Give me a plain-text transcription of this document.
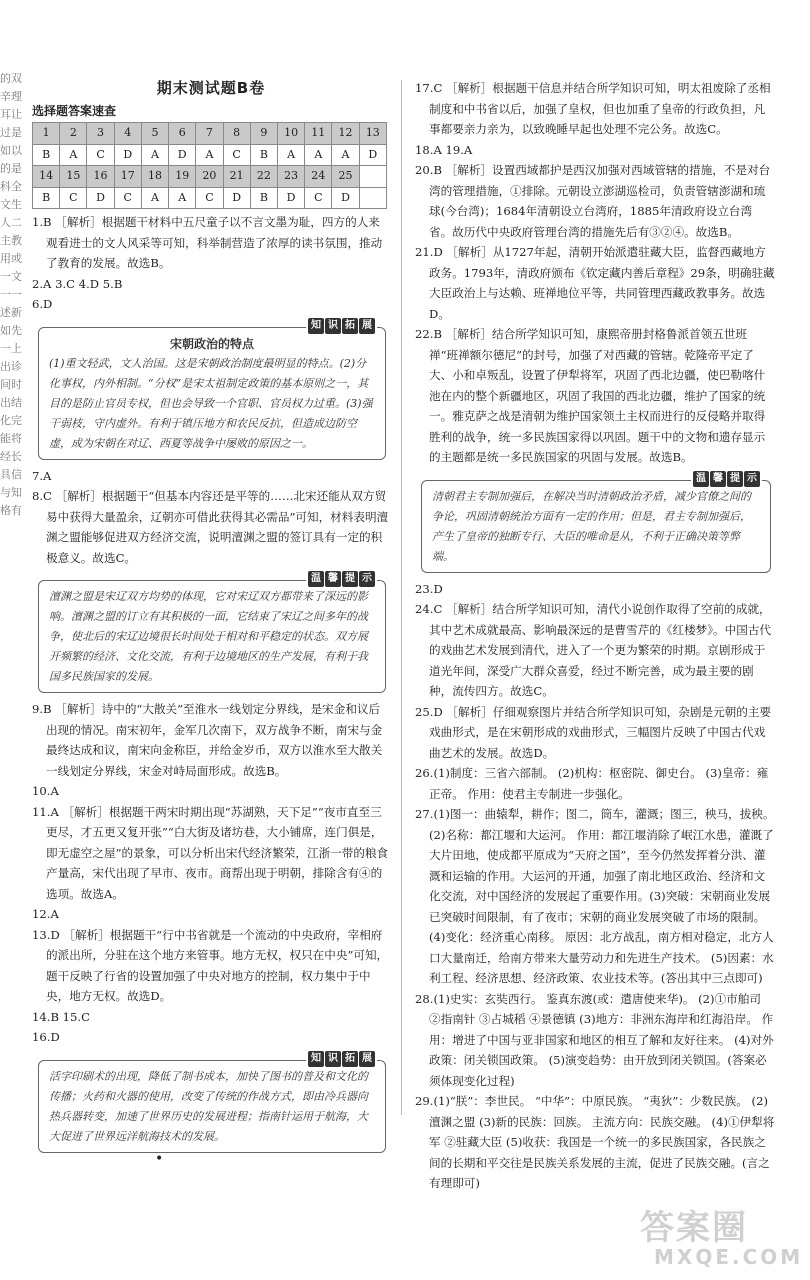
的双辛理耳让过是如以的是科全文生人二主教用或一文一一述新如先一上出诊间时出结化完能将经长具信与知格有
期末测试题B卷
选择题答案速查
1	2	3	4	5	6	7	8	9	10	11	12	13
B	A	C	D	A	D	A	C	B	A	A	A	D
14	15	16	17	18	19	20	21	22	23	24	25	
B	C	D	C	A	A	C	D	B	D	C	D	

1.B ［解析］根据题干材料中五尺童子以不言文墨为耻，四方的人来观看进士的文人风采等可知，科举制营造了浓厚的读书氛围，推动了教育的发展。故选B。

2.A 3.C 4.D 5.B

6.D

知 识 拓 展
宋朝政治的特点
(1)重文轻武，文人治国。这是宋朝政治制度最明显的特点。(2)分化事权，内外相制。“分权”是宋太祖制定政策的基本原则之一，其目的是防止官员专权，但也会导致一个官职、官员权力过重。(3)强干弱枝，守内虚外。有利于镇压地方和农民反抗，但造成边防空虚，成为宋朝在对辽、西夏等战争中屡败的原因之一。

7.A

8.C ［解析］根据题干“但基本内容还是平等的……北宋还能从双方贸易中获得大量盈余，辽朝亦可借此获得其必需品”可知，材料表明澶渊之盟能够促进双方经济交流，说明澶渊之盟的签订具有一定的积极意义。故选C。

温 馨 提 示
澶渊之盟是宋辽双方均势的体现，它对宋辽双方都带来了深远的影响。澶渊之盟的订立有其积极的一面，它结束了宋辽之间多年的战争，使北后的宋辽边境很长时间处于相对和平稳定的状态。双方展开频繁的经济、文化交流，有利于边境地区的生产发展，有利于我国多民族国家的发展。

9.B ［解析］诗中的“大散关”至淮水一线划定分界线，是宋金和议后出现的情况。南宋初年，金军几次南下，双方战争不断，南宋与金最终达成和议，南宋向金称臣，并给金岁币，双方以淮水至大散关一线划定分界线，宋金对峙局面形成。故选B。

10.A

11.A ［解析］根据题干两宋时期出现“苏湖熟，天下足”“夜市直至三更尽，才五更又复开张”“白大街及诸坊巷，大小铺席，连门俱是，即无虚空之屋”的景象，可以分析出宋代经济繁荣，江浙一带的粮食产量高，宋代出现了早市、夜市。商帮出现于明朝，排除含有④的选项。故选A。

12.A

13.D ［解析］根据题干“行中书省就是一个流动的中央政府，宰相府的派出所，分驻在这个地方来管事。地方无权，权只在中央”可知，题干反映了行省的设置加强了中央对地方的控制，权力集中于中央，地方无权。故选D。

14.B 15.C

16.D

知 识 拓 展
活字印刷术的出现，降低了制书成本，加快了图书的普及和文化的传播；火药和火器的使用，改变了传统的作战方式，即由冷兵器向热兵器转变，加速了世界历史的发展进程；指南针运用于航海，大大促进了世界远洋航海技术的发展。

17.C ［解析］根据题干信息并结合所学知识可知，明太祖废除了丞相制度和中书省以后，加强了皇权，但也加重了皇帝的行政负担，凡事都要亲力亲为，以致晚睡早起也处理不完公务。故选C。

18.A 19.A

20.B ［解析］设置西域都护是西汉加强对西域管辖的措施，不是对台湾的管理措施，①排除。元朝设立澎湖巡检司，负责管辖澎湖和琉球(今台湾)；1684年清朝设立台湾府，1885年清政府设立台湾省。故历代中央政府管理台湾的措施先后有③②④。故选B。

21.D ［解析］从1727年起，清朝开始派遣驻藏大臣，监督西藏地方政务。1793年，清政府颁布《钦定藏内善后章程》29条，明确驻藏大臣政治上与达赖、班禅地位平等，共同管理西藏政教事务。故选D。

22.B ［解析］结合所学知识可知，康熙帝册封格鲁派首领五世班禅“班禅额尔德尼”的封号，加强了对西藏的管辖。乾隆帝平定了大、小和卓叛乱，设置了伊犁将军，巩固了西北边疆，使巴勒喀什池在内的整个新疆地区，巩固了我国的西北边疆，维护了国家的统一。雅克萨之战是清朝为维护国家领土主权而进行的反侵略并取得胜利的战争，统一多民族国家得以巩固。题干中的文物和遗存显示的主题都是统一多民族国家的巩固与发展。故选B。

温 馨 提 示
清朝君主专制加强后，在解决当时清朝政治矛盾，减少官僚之间的争论，巩固清朝统治方面有一定的作用；但是，君主专制加强后，产生了皇帝的独断专行、大臣的唯命是从，不利于正确决策等弊端。

23.D

24.C ［解析］结合所学知识可知，清代小说创作取得了空前的成就，其中艺术成就最高、影响最深远的是曹雪芹的《红楼梦》。中国古代的戏曲艺术发展到清代，进入了一个更为繁荣的时期。京剧形成于道光年间，深受广大群众喜爱，经过不断完善，成为最主要的剧种，流传四方。故选C。

25.D ［解析］仔细观察图片并结合所学知识可知，杂剧是元朝的主要戏曲形式，是在宋朝形成的戏曲形式，三幅图片反映了中国古代戏曲艺术的发展。故选D。

26.(1)制度：三省六部制。 (2)机构：枢密院、御史台。 (3)皇帝：雍正帝。 作用：使君主专制进一步强化。

27.(1)图一：曲辕犁，耕作；图二，筒车，灌溉；图三，秧马，拔秧。(2)名称：都江堰和大运河。 作用：都江堰消除了岷江水患，灌溉了大片田地，使成都平原成为“天府之国”，至今仍然发挥着分洪、灌溉和运输的作用。大运河的开通，加强了南北地区政治、经济和文化交流，对中国经济的发展起了重要作用。(3)突破：宋朝商业发展已突破时间限制，有了夜市；宋朝的商业发展突破了市场的限制。 (4)变化：经济重心南移。 原因：北方战乱，南方相对稳定，北方人口大量南迁，给南方带来大量劳动力和先进生产技术。 (5)因素：水利工程、经济思想、经济政策、农业技术等。(答出其中三点即可)

28.(1)史实：玄奘西行。 鉴真东渡(或：遣唐使来华)。 (2)①市舶司 ②指南针 ③占城稻 ④景德镇 (3)地方：非洲东海岸和红海沿岸。 作用：增进了中国与亚非国家和地区的相互了解和友好往来。 (4)对外政策：闭关锁国政策。 (5)演变趋势：由开放到闭关锁国。(答案必须体现变化过程)

29.(1)“朕”：李世民。 “中华”：中原民族。 “夷狄”：少数民族。 (2)澶渊之盟 (3)新的民族：回族。 主流方向：民族交融。 (4)①伊犁将军 ②驻藏大臣 (5)收获：我国是一个统一的多民族国家，各民族之间的长期和平交往是民族关系发展的主流，促进了民族交融。(言之有理即可)

•
答案圈
MXQE.COM
